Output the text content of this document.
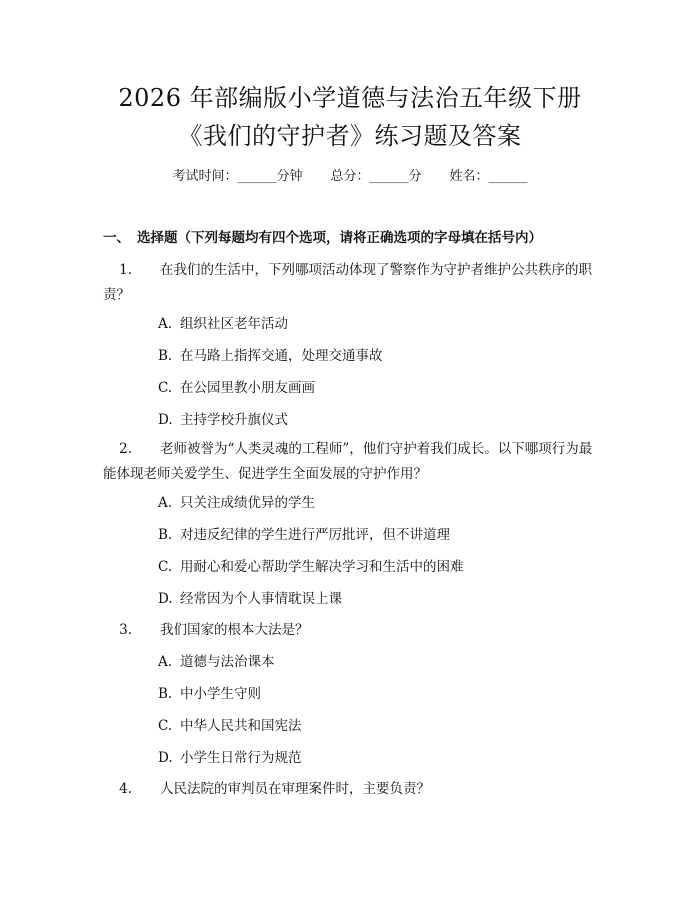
2026 年部编版小学道德与法治五年级下册
《我们的守护者》练习题及答案
考试时间：______分钟 总分：______分 姓名：______
一、 选择题（下列每题均有四个选项，请将正确选项的字母填在括号内）
1. 在我们的生活中，下列哪项活动体现了警察作为守护者维护公共秩序的职责？
A. 组织社区老年活动
B. 在马路上指挥交通，处理交通事故
C. 在公园里教小朋友画画
D. 主持学校升旗仪式
2. 老师被誉为“人类灵魂的工程师”，他们守护着我们成长。以下哪项行为最能体现老师关爱学生、促进学生全面发展的守护作用？
A. 只关注成绩优异的学生
B. 对违反纪律的学生进行严厉批评，但不讲道理
C. 用耐心和爱心帮助学生解决学习和生活中的困难
D. 经常因为个人事情耽误上课
3. 我们国家的根本大法是？
A. 道德与法治课本
B. 中小学生守则
C. 中华人民共和国宪法
D. 小学生日常行为规范
4. 人民法院的审判员在审理案件时，主要负责？
